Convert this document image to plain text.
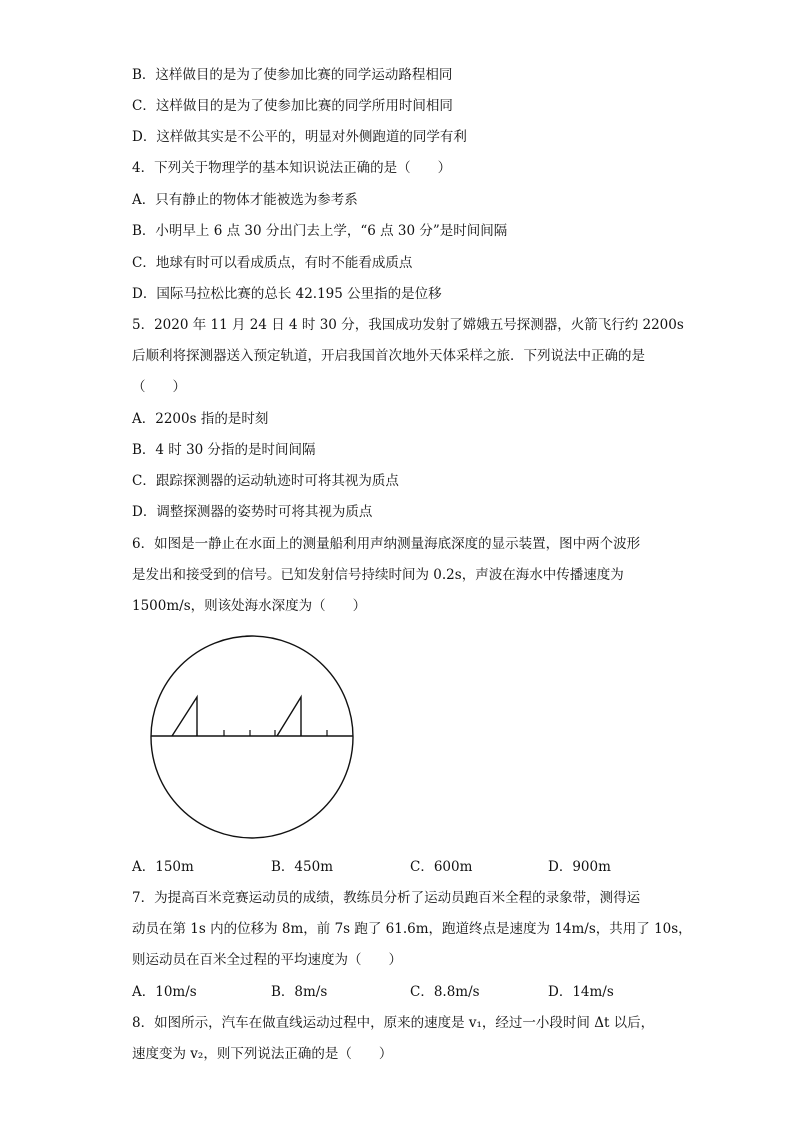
B．这样做目的是为了使参加比赛的同学运动路程相同
C．这样做目的是为了使参加比赛的同学所用时间相同
D．这样做其实是不公平的，明显对外侧跑道的同学有利
4．下列关于物理学的基本知识说法正确的是（　　）
A．只有静止的物体才能被选为参考系
B．小明早上 6 点 30 分出门去上学，“6 点 30 分”是时间间隔
C．地球有时可以看成质点，有时不能看成质点
D．国际马拉松比赛的总长 42.195 公里指的是位移
5．2020 年 11 月 24 日 4 时 30 分，我国成功发射了嫦娥五号探测器，火箭飞行约 2200s
后顺利将探测器送入预定轨道，开启我国首次地外天体采样之旅．下列说法中正确的是
（　　）
A．2200s 指的是时刻
B．4 时 30 分指的是时间间隔
C．跟踪探测器的运动轨迹时可将其视为质点
D．调整探测器的姿势时可将其视为质点
6．如图是一静止在水面上的测量船利用声纳测量海底深度的显示装置，图中两个波形
是发出和接受到的信号。已知发射信号持续时间为 0.2s，声波在海水中传播速度为
1500m/s，则该处海水深度为（　　）
A．150m	B．450m	C．600m	D．900m
7．为提高百米竞赛运动员的成绩，教练员分析了运动员跑百米全程的录象带，测得运
动员在第 1s 内的位移为 8m，前 7s 跑了 61.6m，跑道终点是速度为 14m/s，共用了 10s，
则运动员在百米全过程的平均速度为（　　）
A．10m/s	B．8m/s	C．8.8m/s	D．14m/s
8．如图所示，汽车在做直线运动过程中，原来的速度是 v₁，经过一小段时间 Δt 以后，
速度变为 v₂，则下列说法正确的是（　　）
